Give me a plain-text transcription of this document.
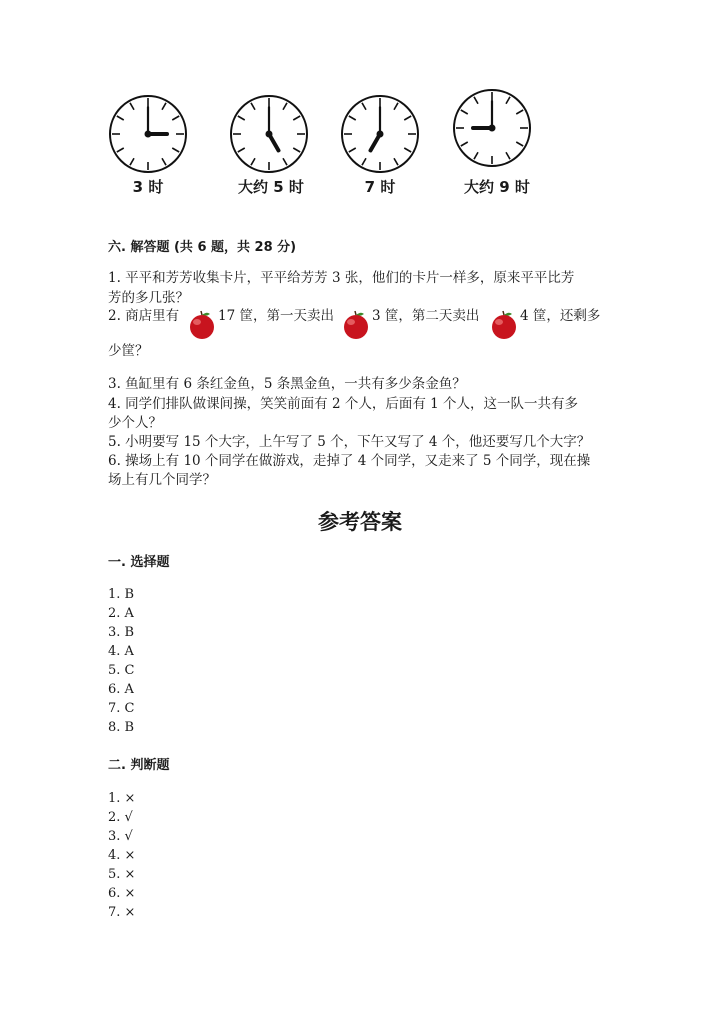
3 时	大约 5 时	7 时	大约 9 时
六. 解答题 (共 6 题，共 28 分)
1. 平平和芳芳收集卡片，平平给芳芳 3 张，他们的卡片一样多，原来平平比芳
芳的多几张？
2. 商店里有	17 筐，第一天卖出	3 筐，第二天卖出	4 筐，还剩多
少筐？
3. 鱼缸里有 6 条红金鱼，5 条黑金鱼，一共有多少条金鱼？
4. 同学们排队做课间操，笑笑前面有 2 个人，后面有 1 个人，这一队一共有多
少个人？
5. 小明要写 15 个大字，上午写了 5 个，下午又写了 4 个，他还要写几个大字？
6. 操场上有 10 个同学在做游戏，走掉了 4 个同学，又走来了 5 个同学，现在操
场上有几个同学？
参考答案
一. 选择题
1. B
2. A
3. B
4. A
5. C
6. A
7. C
8. B
二. 判断题
1. ×
2. √
3. √
4. ×
5. ×
6. ×
7. ×
